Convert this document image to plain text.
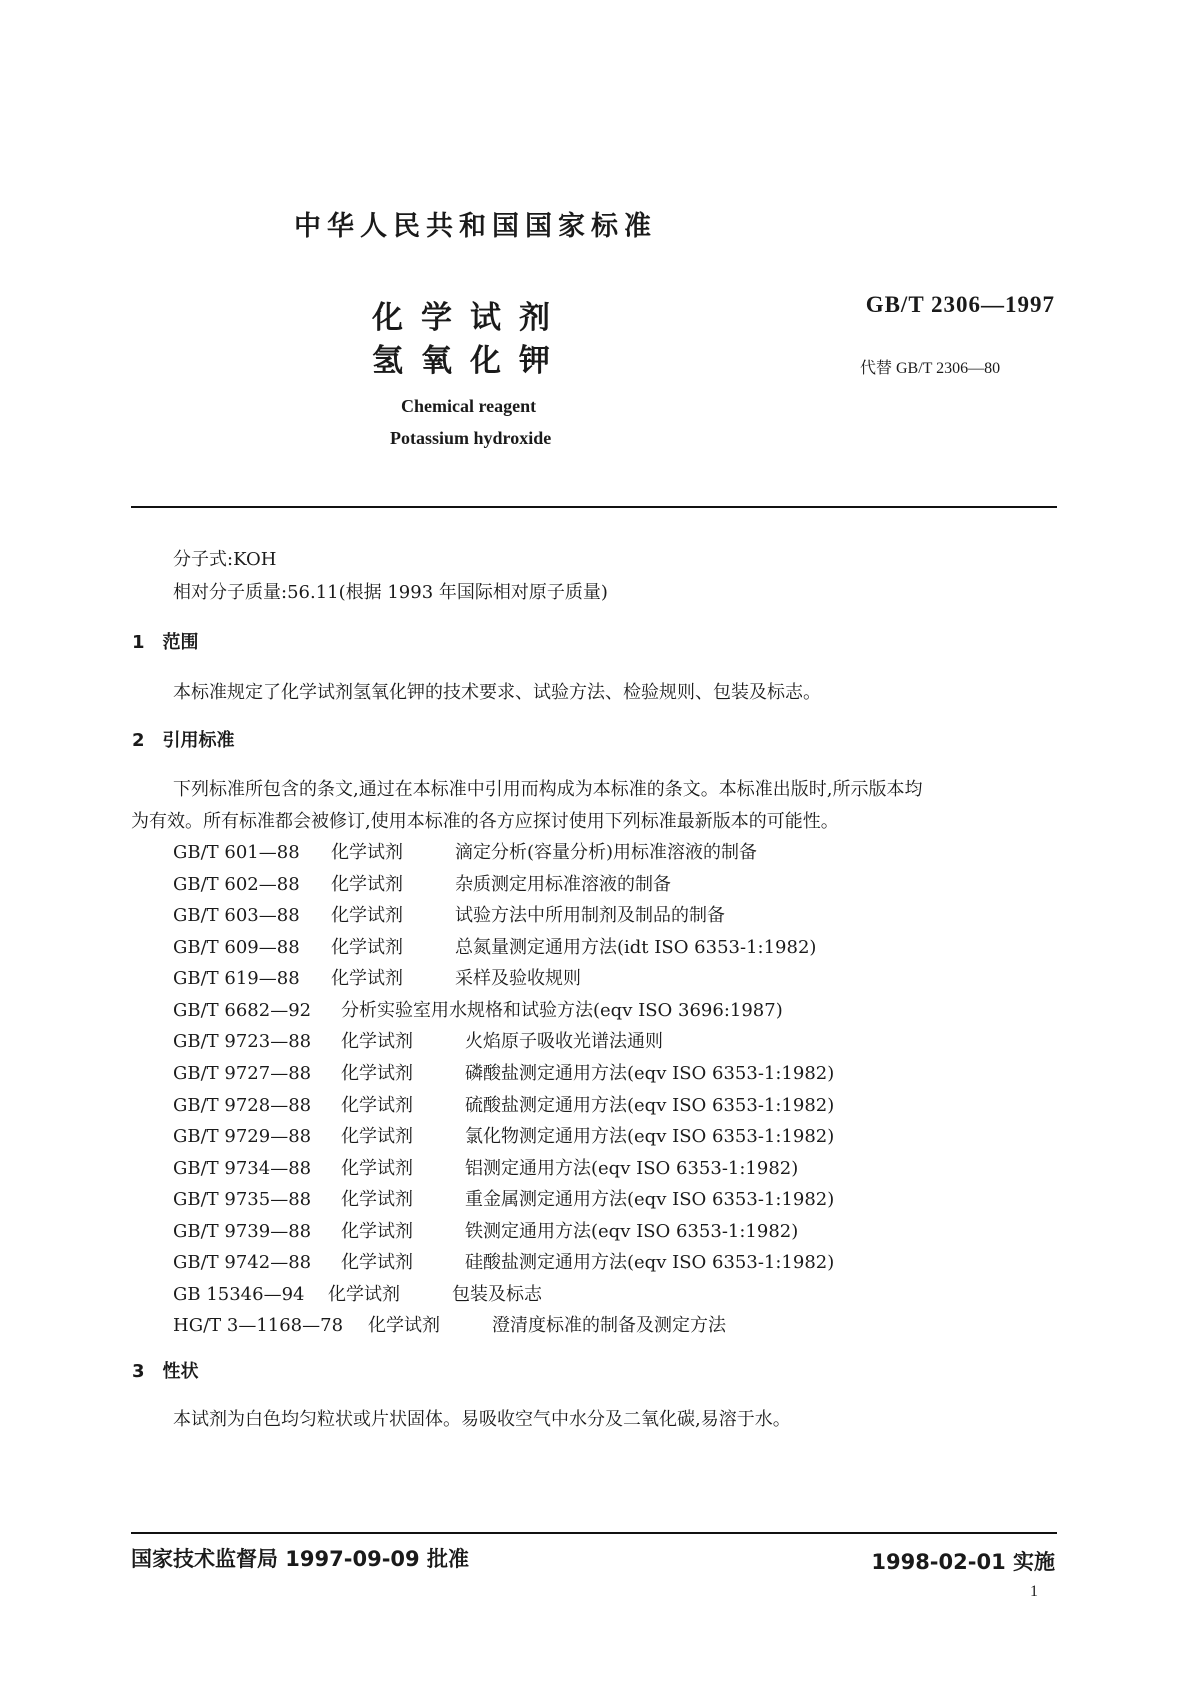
中华人民共和国国家标准
化学试剂
氢氧化钾
Chemical reagent
Potassium hydroxide
GB/T 2306—1997
代替 GB/T 2306—80
分子式:KOH
相对分子质量:56.11(根据 1993 年国际相对原子质量)
1　范围
本标准规定了化学试剂氢氧化钾的技术要求、试验方法、检验规则、包装及标志。
2　引用标准
下列标准所包含的条文,通过在本标准中引用而构成为本标准的条文。本标准出版时,所示版本均
为有效。所有标准都会被修订,使用本标准的各方应探讨使用下列标准最新版本的可能性。
GB/T 601—88 化学试剂	滴定分析(容量分析)用标准溶液的制备
GB/T 602—88 化学试剂	杂质测定用标准溶液的制备
GB/T 603—88 化学试剂	试验方法中所用制剂及制品的制备
GB/T 609—88 化学试剂	总氮量测定通用方法(idt ISO 6353-1:1982)
GB/T 619—88 化学试剂	采样及验收规则
GB/T 6682—92 分析实验室用水规格和试验方法(eqv ISO 3696:1987)
GB/T 9723—88 化学试剂	火焰原子吸收光谱法通则
GB/T 9727—88 化学试剂	磷酸盐测定通用方法(eqv ISO 6353-1:1982)
GB/T 9728—88 化学试剂	硫酸盐测定通用方法(eqv ISO 6353-1:1982)
GB/T 9729—88 化学试剂	氯化物测定通用方法(eqv ISO 6353-1:1982)
GB/T 9734—88 化学试剂	铝测定通用方法(eqv ISO 6353-1:1982)
GB/T 9735—88 化学试剂	重金属测定通用方法(eqv ISO 6353-1:1982)
GB/T 9739—88 化学试剂	铁测定通用方法(eqv ISO 6353-1:1982)
GB/T 9742—88 化学试剂	硅酸盐测定通用方法(eqv ISO 6353-1:1982)
GB 15346—94 化学试剂	包装及标志
HG/T 3—1168—78 化学试剂	澄清度标准的制备及测定方法
3　性状
本试剂为白色均匀粒状或片状固体。易吸收空气中水分及二氧化碳,易溶于水。
国家技术监督局 1997-09-09 批准	1998-02-01 实施
1
